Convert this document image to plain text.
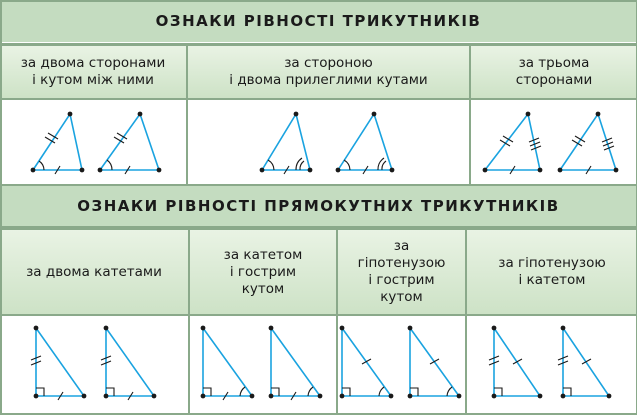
ОЗНАКИ РІВНОСТІ ТРИКУТНИКІВ
за двома сторонами
і кутом між ними
за стороною
і двома прилеглими кутами
за трьома
сторонами
ОЗНАКИ РІВНОСТІ ПРЯМОКУТНИХ ТРИКУТНИКІВ
за двома катетами
за катетом
і гострим
кутом
за
гіпотенузою
і гострим
кутом
за гіпотенузою
і катетом
